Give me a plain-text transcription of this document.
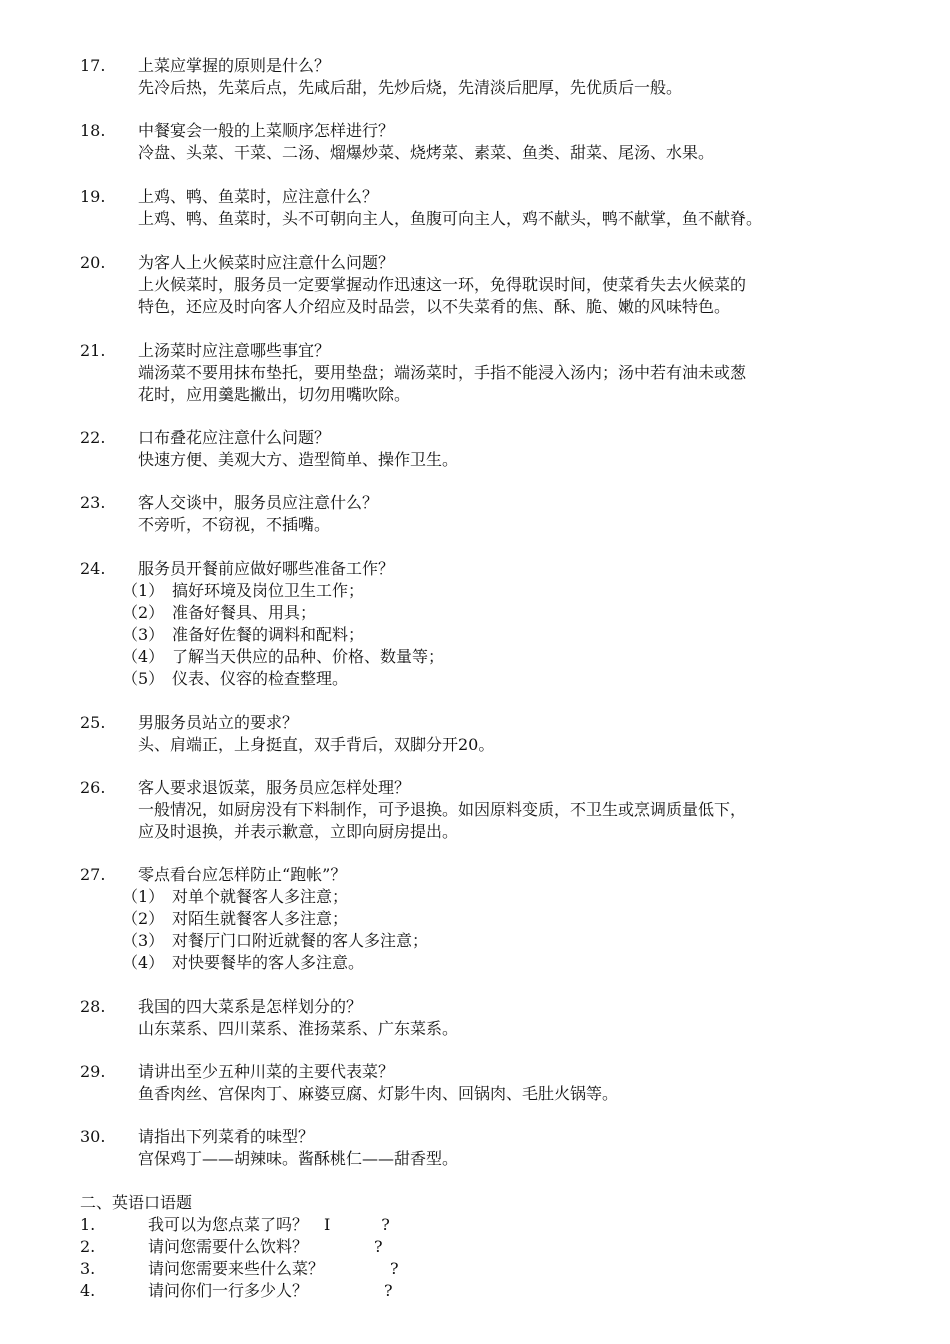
17. 上菜应掌握的原则是什么？
先冷后热，先菜后点，先咸后甜，先炒后烧，先清淡后肥厚，先优质后一般。
18. 中餐宴会一般的上菜顺序怎样进行？
冷盘、头菜、干菜、二汤、熘爆炒菜、烧烤菜、素菜、鱼类、甜菜、尾汤、水果。
19. 上鸡、鸭、鱼菜时，应注意什么？
上鸡、鸭、鱼菜时，头不可朝向主人，鱼腹可向主人，鸡不献头，鸭不献掌，鱼不献脊。
20. 为客人上火候菜时应注意什么问题？
上火候菜时，服务员一定要掌握动作迅速这一环，免得耽误时间，使菜肴失去火候菜的
特色，还应及时向客人介绍应及时品尝，以不失菜肴的焦、酥、脆、嫩的风味特色。
21. 上汤菜时应注意哪些事宜？
端汤菜不要用抹布垫托，要用垫盘；端汤菜时，手指不能浸入汤内；汤中若有油未或葱
花时，应用羹匙撇出，切勿用嘴吹除。
22. 口布叠花应注意什么问题？
快速方便、美观大方、造型简单、操作卫生。
23. 客人交谈中，服务员应注意什么？
不旁听，不窃视，不插嘴。
24. 服务员开餐前应做好哪些准备工作？
（1） 搞好环境及岗位卫生工作；
（2） 准备好餐具、用具；
（3） 准备好佐餐的调料和配料；
（4） 了解当天供应的品种、价格、数量等；
（5） 仪表、仪容的检查整理。
25. 男服务员站立的要求？
头、肩端正，上身挺直，双手背后，双脚分开20。
26. 客人要求退饭菜，服务员应怎样处理？
一般情况，如厨房没有下料制作，可予退换。如因原料变质，不卫生或烹调质量低下，
应及时退换，并表示歉意，立即向厨房提出。
27. 零点看台应怎样防止“跑帐”？
（1） 对单个就餐客人多注意；
（2） 对陌生就餐客人多注意；
（3） 对餐厅门口附近就餐的客人多注意；
（4） 对快要餐毕的客人多注意。
28. 我国的四大菜系是怎样划分的？
山东菜系、四川菜系、淮扬菜系、广东菜系。
29. 请讲出至少五种川菜的主要代表菜？
鱼香肉丝、宫保肉丁、麻婆豆腐、灯影牛肉、回锅肉、毛肚火锅等。
30. 请指出下列菜肴的味型？
宫保鸡丁——胡辣味。酱酥桃仁——甜香型。
二、英语口语题
1.	我可以为您点菜了吗？ I          ?
2.	请问您需要什么饮料？	?
3.	请问您需要来些什么菜？	?
4.	请问你们一行多少人？	?
